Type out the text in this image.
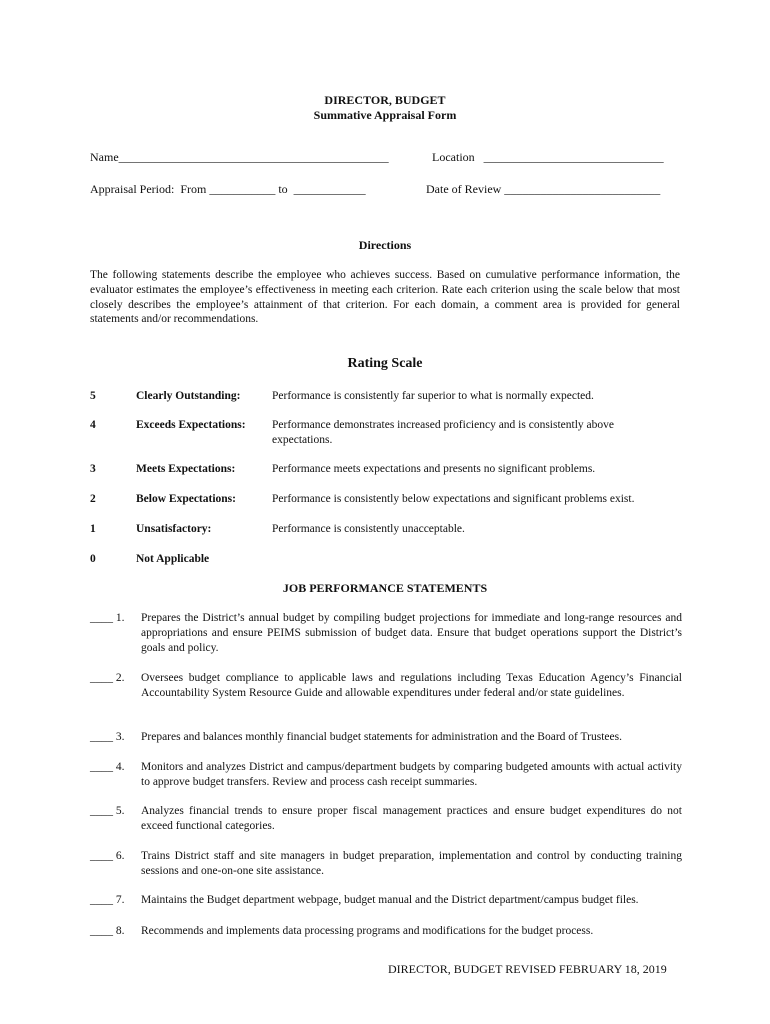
DIRECTOR, BUDGET
Summative Appraisal Form
Name_____________________________________________	Location   ______________________________
Appraisal Period:  From ___________ to  ____________	Date of Review __________________________
Directions
The following statements describe the employee who achieves success. Based on cumulative performance information, the evaluator estimates the employee’s effectiveness in meeting each criterion. Rate each criterion using the scale below that most closely describes the employee’s attainment of that criterion. For each domain, a comment area is provided for general statements and/or recommendations.
Rating Scale
5	Clearly Outstanding:	Performance is consistently far superior to what is normally expected.
4	Exceeds Expectations: Performance demonstrates increased proficiency and is consistently above expectations.
3	Meets Expectations:	Performance meets expectations and presents no significant problems.
2	Below Expectations:	Performance is consistently below expectations and significant problems exist.
1	Unsatisfactory:	Performance is consistently unacceptable.
0	Not Applicable
JOB PERFORMANCE STATEMENTS
____ 1. Prepares the District’s annual budget by compiling budget projections for immediate and long-range resources and appropriations and ensure PEIMS submission of budget data. Ensure that budget operations support the District’s goals and policy.
____ 2. Oversees budget compliance to applicable laws and regulations including Texas Education Agency’s Financial Accountability System Resource Guide and allowable expenditures under federal and/or state guidelines.
____ 3. Prepares and balances monthly financial budget statements for administration and the Board of Trustees.
____ 4. Monitors and analyzes District and campus/department budgets by comparing budgeted amounts with actual activity to approve budget transfers. Review and process cash receipt summaries.
____ 5. Analyzes financial trends to ensure proper fiscal management practices and ensure budget expenditures do not exceed functional categories.
____ 6. Trains District staff and site managers in budget preparation, implementation and control by conducting training sessions and one-on-one site assistance.
____ 7. Maintains the Budget department webpage, budget manual and the District department/campus budget files.
____ 8. Recommends and implements data processing programs and modifications for the budget process.
DIRECTOR, BUDGET REVISED FEBRUARY 18, 2019
